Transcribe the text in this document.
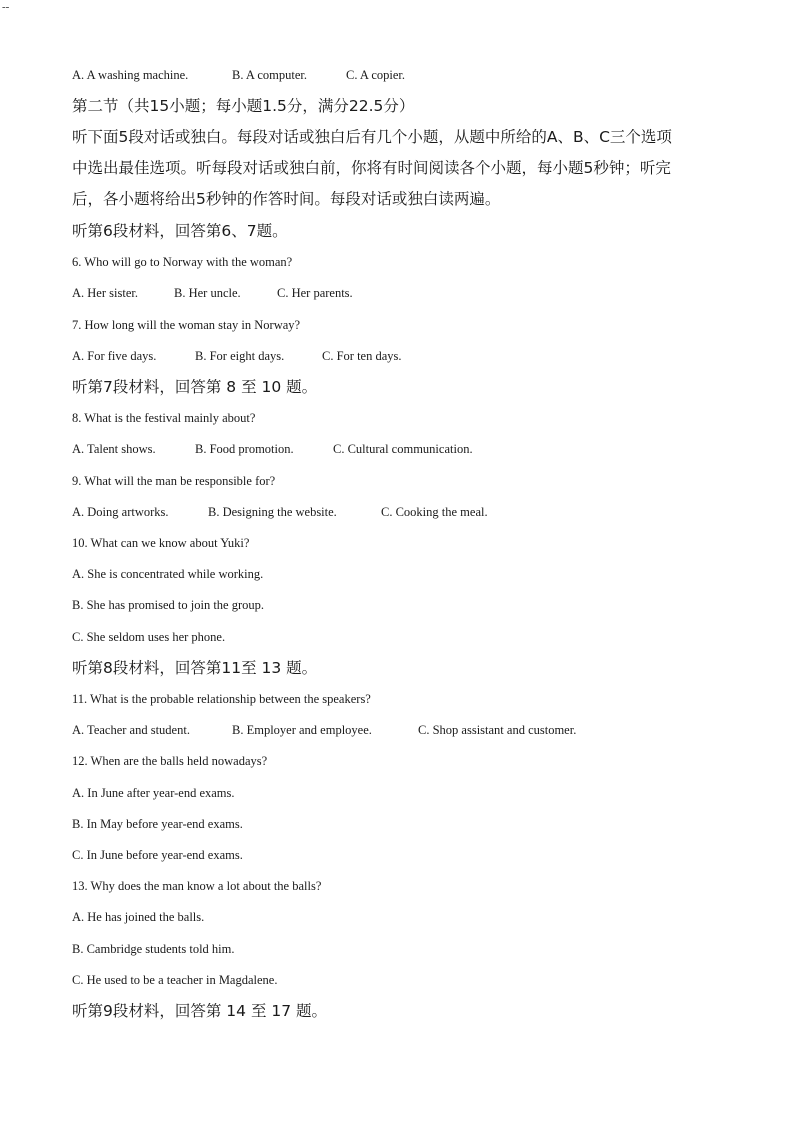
--
A. A washing machine.	B. A computer.	C. A copier.
第二节（共15小题；每小题1.5分，满分22.5分）
听下面5段对话或独白。每段对话或独白后有几个小题，从题中所给的A、B、C三个选项
中选出最佳选项。听每段对话或独白前，你将有时间阅读各个小题，每小题5秒钟；听完
后，各小题将给出5秒钟的作答时间。每段对话或独白读两遍。
听第6段材料，回答第6、7题。
6. Who will go to Norway with the woman?
A. Her sister.	B. Her uncle.	C. Her parents.
7. How long will the woman stay in Norway?
A. For five days.	B. For eight days.	C. For ten days.
听第7段材料，回答第 8 至 10 题。
8. What is the festival mainly about?
A. Talent shows.	B. Food promotion.	C. Cultural communication.
9. What will the man be responsible for?
A. Doing artworks.	B. Designing the website.	C. Cooking the meal.
10. What can we know about Yuki?
A. She is concentrated while working.
B. She has promised to join the group.
C. She seldom uses her phone.
听第8段材料，回答第11至 13 题。
11. What is the probable relationship between the speakers?
A. Teacher and student.	B. Employer and employee.	C. Shop assistant and customer.
12. When are the balls held nowadays?
A. In June after year-end exams.
B. In May before year-end exams.
C. In June before year-end exams.
13. Why does the man know a lot about the balls?
A. He has joined the balls.
B. Cambridge students told him.
C. He used to be a teacher in Magdalene.
听第9段材料，回答第 14 至 17 题。
